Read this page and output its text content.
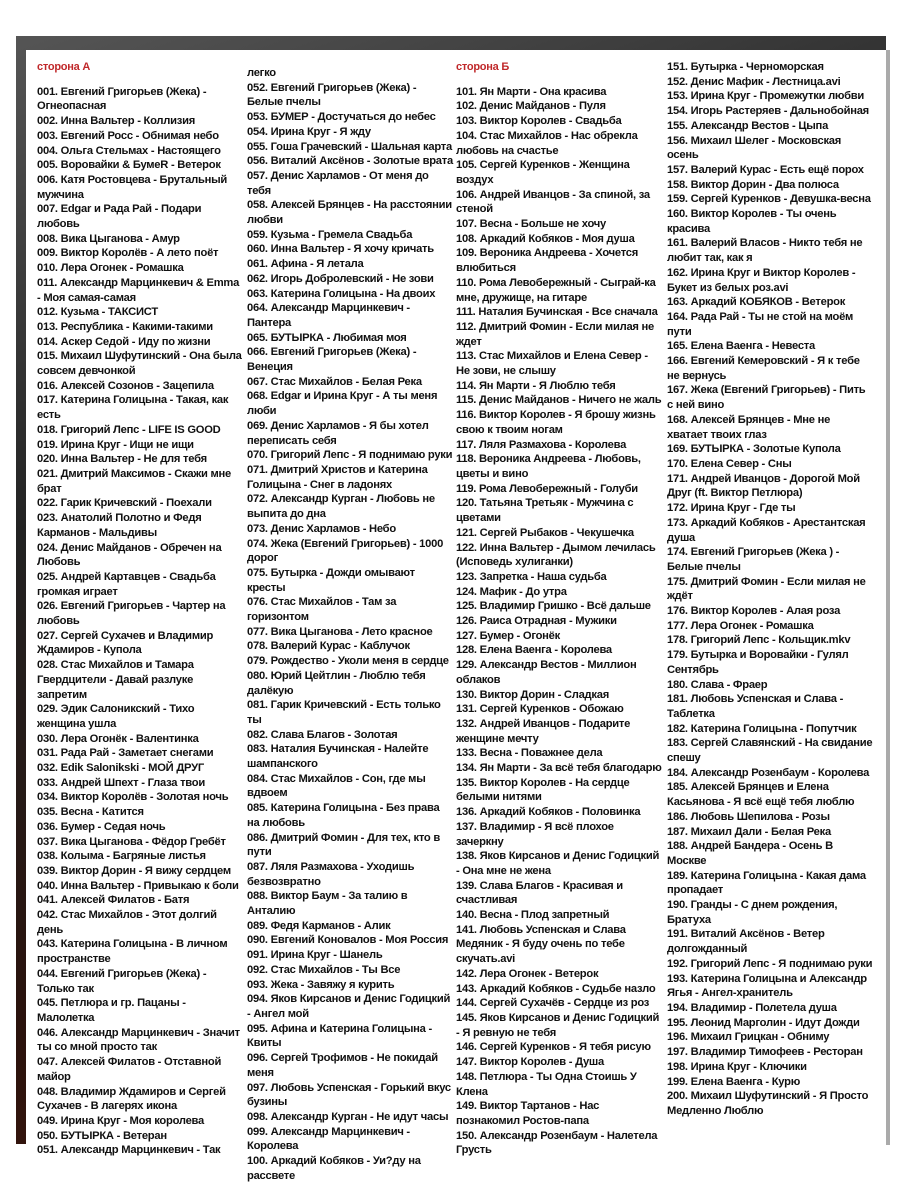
сторона А
001. Евгений Григорьев (Жека) - Огнеопасная
002. Инна Вальтер - Коллизия
003. Евгений Росс - Обнимая небо
004. Ольга Стельмах - Настоящего
005. Воровайки & БумеR - Ветерок
006. Катя Ростовцева - Брутальный мужчина
007. Edgar и Рада Рай - Подари любовь
008. Вика Цыганова - Амур
009. Виктор Королёв - А лето поёт
010. Лера Огонек - Ромашка
011. Александр Марцинкевич & Emma - Моя самая-самая
012. Кузьма - ТАКСИСТ
013. Республика - Какими-такими
014. Аскер Седой - Иду по жизни
015. Михаил Шуфутинский - Она была совсем девчонкой
016. Алексей Созонов - Зацепила
017. Катерина Голицына - Такая, как есть
018. Григорий Лепс - LIFE IS GOOD
019. Ирина Круг - Ищи не ищи
020. Инна Вальтер - Не для тебя
021. Дмитрий Максимов - Скажи мне брат
022. Гарик Кричевский - Поехали
023. Анатолий Полотно и Федя Карманов - Мальдивы
024. Денис Майданов - Обречен на Любовь
025. Андрей Картавцев - Свадьба громкая играет
026. Евгений Григорьев - Чартер на любовь
027. Сергей Сухачев и Владимир Ждамиров - Купола
028. Стас Михайлов и Тамара Гвердцители - Давай разлуке запретим
029. Эдик Салоникский - Тихо женщина ушла
030. Лера Огонёк - Валентинка
031. Рада Рай - Заметает снегами
032. Edik Salonikski - МОЙ ДРУГ
033. Андрей Шпехт - Глаза твои
034. Виктор Королёв - Золотая ночь
035. Весна - Катится
036. Бумер - Седая ночь
037. Вика Цыганова - Фёдор Гребёт
038. Колыма - Багряные листья
039. Виктор Дорин - Я вижу сердцем
040. Инна Вальтер - Привыкаю к боли
041. Алексей Филатов - Батя
042. Стас Михайлов - Этот долгий день
043. Катерина Голицына - В личном пространстве
044. Евгений Григорьев (Жека) - Только так
045. Петлюра и гр. Пацаны - Малолетка
046. Александр Марцинкевич - Значит ты со мной просто так
047. Алексей Филатов - Отставной майор
048. Владимир Ждамиров и Сергей Сухачев - В лагерях икона
049. Ирина Круг - Моя королева
050. БУТЫРКА - Ветеран
051. Александр Марцинкевич - Так
легко
052. Евгений Григорьев (Жека) - Белые пчелы
053. БУМЕР - Достучаться до небес
054. Ирина Круг - Я жду
055. Гоша Грачевский - Шальная карта
056. Виталий Аксёнов - Золотые врата
057. Денис Харламов - От меня до тебя
058. Алексей Брянцев - На расстоянии любви
059. Кузьма - Гремела Свадьба
060. Инна Вальтер - Я хочу кричать
061. Афина - Я летала
062. Игорь Добролевский - Не зови
063. Катерина Голицына - На двоих
064. Александр Марцинкевич - Пантера
065. БУТЫРКА - Любимая моя
066. Евгений Григорьев (Жека) - Венеция
067. Стас Михайлов - Белая Река
068. Edgar и Ирина Круг - А ты меня люби
069. Денис Харламов - Я бы хотел переписать себя
070. Григорий Лепс - Я поднимаю руки
071. Дмитрий Христов и Катерина Голицына - Снег в ладонях
072. Александр Курган - Любовь не выпита до дна
073. Денис Харламов - Небо
074. Жека (Евгений Григорьев) - 1000 дорог
075. Бутырка - Дожди омывают кресты
076. Стас Михайлов - Там за горизонтом
077. Вика Цыганова - Лето красное
078. Валерий Курас - Каблучок
079. Рождество - Уколи меня в сердце
080. Юрий Цейтлин - Люблю тебя далёкую
081. Гарик Кричевский - Есть только ты
082. Слава Благов - Золотая
083. Наталия Бучинская - Налейте шампанского
084. Стас Михайлов - Сон, где мы вдвоем
085. Катерина Голицына - Без права на любовь
086. Дмитрий Фомин - Для тех, кто в пути
087. Ляля Размахова - Уходишь безвозвратно
088. Виктор Баум - За талию в Анталию
089. Федя Карманов - Алик
090. Евгений Коновалов - Моя Россия
091. Ирина Круг - Шанель
092. Стас Михайлов - Ты Все
093. Жека - Завяжу я курить
094. Яков Кирсанов и Денис Годицкий - Ангел мой
095. Афина и Катерина Голицына - Квиты
096. Сергей Трофимов - Не покидай меня
097. Любовь Успенская - Горький вкус бузины
098. Александр Курган - Не идут часы
099. Александр Марцинкевич - Королева
100. Аркадий Кобяков - Уи?ду на рассвете
сторона Б
101. Ян Марти - Она красива
102. Денис Майданов - Пуля
103. Виктор Королев - Свадьба
104. Стас Михайлов - Нас обрекла любовь на счастье
105. Сергей Куренков - Женщина воздух
106. Андрей Иванцов - За спиной, за стеной
107. Весна - Больше не хочу
108. Аркадий Кобяков - Моя душа
109. Вероника Андреева - Хочется влюбиться
110. Рома Левобережный - Сыграй-ка мне, дружище, на гитаре
111. Наталия Бучинская - Все сначала
112. Дмитрий Фомин - Если милая не ждет
113. Стас Михайлов и Елена Север - Не зови, не слышу
114. Ян Марти - Я Люблю тебя
115. Денис Майданов - Ничего не жаль
116. Виктор Королев - Я брошу жизнь свою к твоим ногам
117. Ляля Размахова - Королева
118. Вероника Андреева - Любовь, цветы и вино
119. Рома Левобережный - Голуби
120. Татьяна Третьяк - Мужчина с цветами
121. Сергей Рыбаков - Чекушечка
122. Инна Вальтер - Дымом лечилась (Исповедь хулиганки)
123. Запретка - Наша судьба
124. Мафик - До утра
125. Владимир Гришко - Всё дальше
126. Раиса Отрадная - Мужики
127. Бумер - Огонёк
128. Елена Ваенга - Королева
129. Александр Вестов - Миллион облаков
130. Виктор Дорин - Сладкая
131. Сергей Куренков - Обожаю
132. Андрей Иванцов - Подарите женщине мечту
133. Весна - Поважнее дела
134. Ян Марти - За всё тебя благодарю
135. Виктор Королев - На сердце белыми нитями
136. Аркадий Кобяков - Половинка
137. Владимир - Я всё плохое зачеркну
138. Яков Кирсанов и Денис Годицкий - Она мне не жена
139. Слава Благов - Красивая и счастливая
140. Весна - Плод запретный
141. Любовь Успенская и Слава Медяник - Я буду очень по тебе скучать.avi
142. Лера Огонек - Ветерок
143. Аркадий Кобяков - Судьбе назло
144. Сергей Сухачёв - Сердце из роз
145. Яков Кирсанов и Денис Годицкий - Я ревную не тебя
146. Сергей Куренков - Я тебя рисую
147. Виктор Королев - Душа
148. Петлюра - Ты Одна Стоишь У Клена
149. Виктор Тартанов - Нас познакомил Ростов-папа
150. Александр Розенбаум - Налетела Грусть
151. Бутырка - Черноморская
152. Денис Мафик - Лестница.avi
153. Ирина Круг - Промежутки любви
154. Игорь Растеряев - Дальнобойная
155. Александр Вестов - Цыпа
156. Михаил Шелег - Московская осень
157. Валерий Курас - Есть ещё порох
158. Виктор Дорин - Два полюса
159. Сергей Куренков - Девушка-весна
160. Виктор Королев - Ты очень красива
161. Валерий Власов - Никто тебя не любит так, как я
162. Ирина Круг и Виктор Королев - Букет из белых роз.avi
163. Аркадий КОБЯКОВ - Ветерок
164. Рада Рай - Ты не стой на моём пути
165. Елена Ваенга - Невеста
166. Евгений Кемеровский - Я к тебе не вернусь
167. Жека (Евгений Григорьев) - Пить с ней вино
168. Алексей Брянцев - Мне не хватает твоих глаз
169. БУТЫРКА - Золотые Купола
170. Елена Север - Сны
171. Андрей Иванцов - Дорогой Мой Друг (ft. Виктор Петлюра)
172. Ирина Круг - Где ты
173. Аркадий Кобяков - Арестантская душа
174. Евгений Григорьев (Жека ) - Белые пчелы
175. Дмитрий Фомин - Если милая не ждёт
176. Виктор Королев - Алая роза
177. Лера Огонек - Ромашка
178. Григорий Лепс - Кольщик.mkv
179. Бутырка и Воровайки - Гулял Сентябрь
180. Слава - Фраер
181. Любовь Успенская и Слава - Таблетка
182. Катерина Голицына - Попутчик
183. Сергей Славянский - На свидание спешу
184. Александр Розенбаум - Королева
185. Алексей Брянцев и Елена Касьянова - Я всё ещё тебя люблю
186. Любовь Шепилова - Розы
187. Михаил Дали - Белая Река
188. Андрей Бандера - Осень В Москве
189. Катерина Голицына - Какая дама пропадает
190. Гранды - С днем рождения, Братуха
191. Виталий Аксёнов - Ветер долгожданный
192. Григорий Лепс - Я поднимаю руки
193. Катерина Голицына и Александр Ягья - Ангел-хранитель
194. Владимир - Полетела душа
195. Леонид Марголин - Идут Дожди
196. Михаил Грицкан - Обниму
197. Владимир Тимофеев - Ресторан
198. Ирина Круг - Ключики
199. Елена Ваенга - Курю
200. Михаил Шуфутинский - Я Просто Медленно Люблю
